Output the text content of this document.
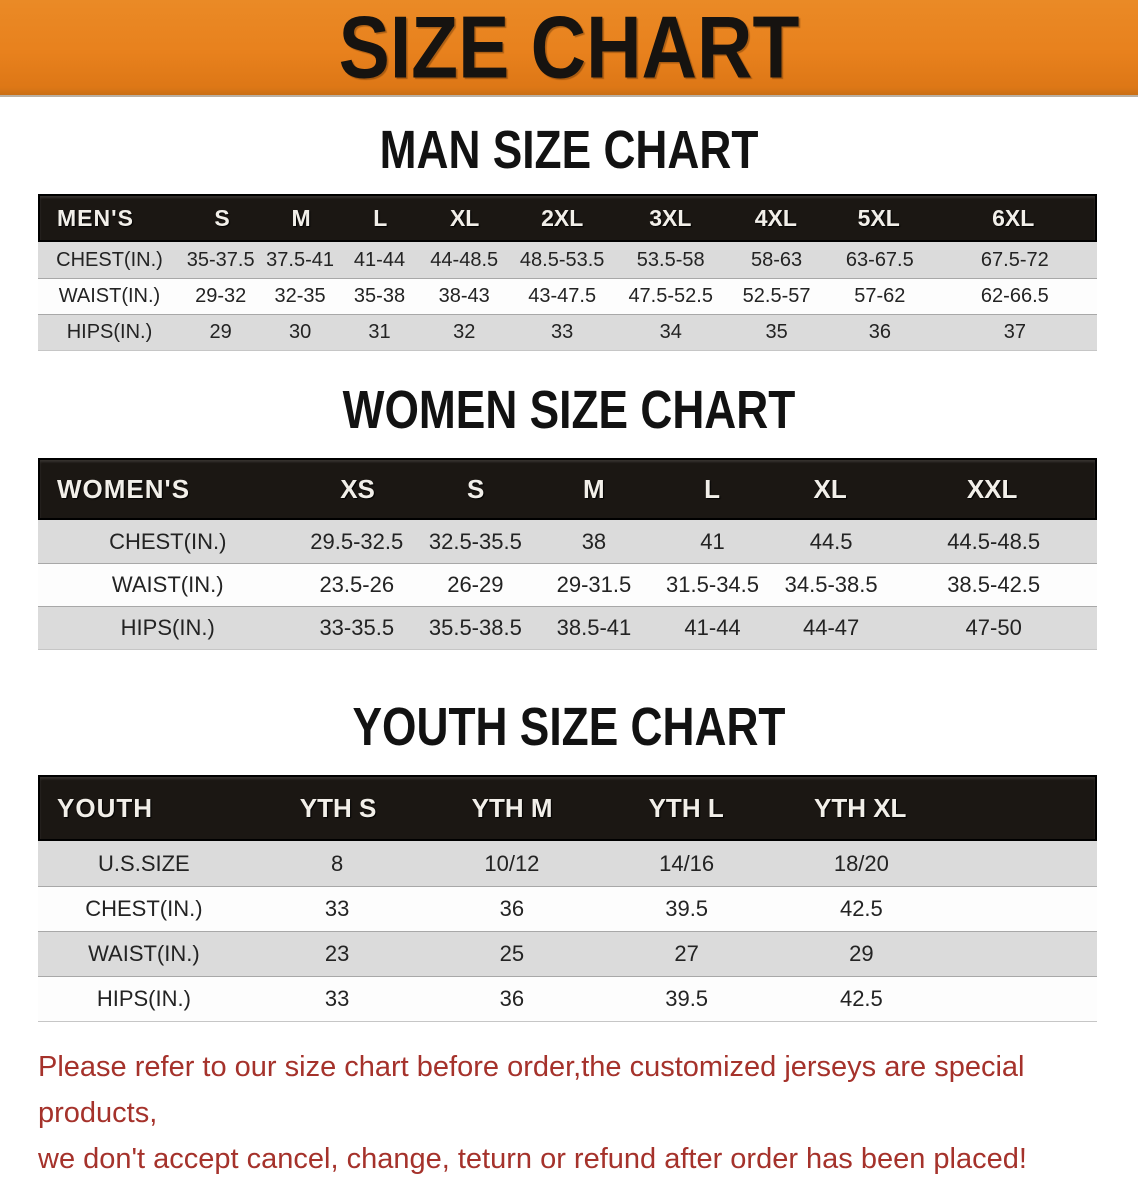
SIZE CHART
MAN SIZE CHART
MEN'S	S	M	L	XL	2XL	3XL	4XL	5XL	6XL
CHEST(IN.)	35-37.5 37.5-41 41-44	44-48.5	48.5-53.5	53.5-58	58-63	63-67.5	67.5-72
WAIST(IN.)	29-32	32-35	35-38	38-43	43-47.5	47.5-52.5	52.5-57	57-62	62-66.5
HIPS(IN.)	29	30	31	32	33	34	35	36	37
WOMEN SIZE CHART
WOMEN'S	XS	S	M	L	XL	XXL
CHEST(IN.)	29.5-32.5	32.5-35.5	38	41	44.5	44.5-48.5
WAIST(IN.)	23.5-26	26-29	29-31.5	31.5-34.5	34.5-38.5	38.5-42.5
HIPS(IN.)	33-35.5	35.5-38.5	38.5-41	41-44	44-47	47-50
YOUTH SIZE CHART
YOUTH	YTH S	YTH M	YTH L	YTH XL
U.S.SIZE	8	10/12	14/16	18/20
CHEST(IN.)	33	36	39.5	42.5
WAIST(IN.)	23	25	27	29
HIPS(IN.)	33	36	39.5	42.5
Please refer to our size chart before order,the customized jerseys are special products,
we don't accept cancel, change, teturn or refund after order has been placed!
